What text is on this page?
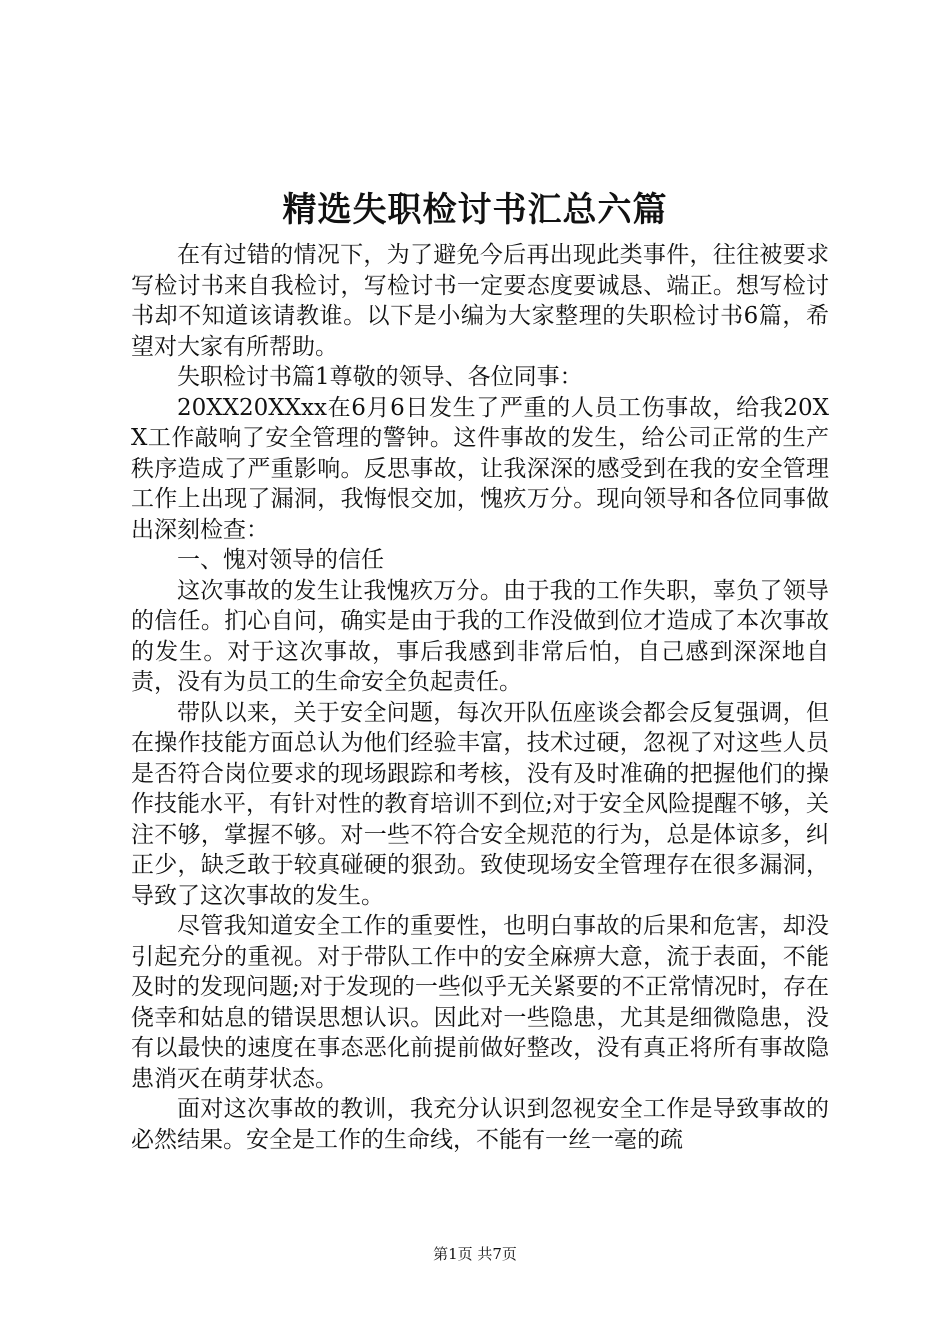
精选失职检讨书汇总六篇

在有过错的情况下，为了避免今后再出现此类事件，往往被要求写检讨书来自我检讨，写检讨书一定要态度要诚恳、端正。想写检讨书却不知道该请教谁。以下是小编为大家整理的失职检讨书6篇，希望对大家有所帮助。

失职检讨书篇1尊敬的领导、各位同事：

20XX20XXxx在6月6日发生了严重的人员工伤事故，给我20XX工作敲响了安全管理的警钟。这件事故的发生，给公司正常的生产秩序造成了严重影响。反思事故，让我深深的感受到在我的安全管理工作上出现了漏洞，我悔恨交加，愧疚万分。现向领导和各位同事做出深刻检查：

一、愧对领导的信任

这次事故的发生让我愧疚万分。由于我的工作失职，辜负了领导的信任。扪心自问，确实是由于我的工作没做到位才造成了本次事故的发生。对于这次事故，事后我感到非常后怕，自己感到深深地自责，没有为员工的生命安全负起责任。

带队以来，关于安全问题，每次开队伍座谈会都会反复强调，但在操作技能方面总认为他们经验丰富，技术过硬，忽视了对这些人员是否符合岗位要求的现场跟踪和考核，没有及时准确的把握他们的操作技能水平，有针对性的教育培训不到位;对于安全风险提醒不够，关注不够，掌握不够。对一些不符合安全规范的行为，总是体谅多，纠正少，缺乏敢于较真碰硬的狠劲。致使现场安全管理存在很多漏洞，导致了这次事故的发生。

尽管我知道安全工作的重要性，也明白事故的后果和危害，却没引起充分的重视。对于带队工作中的安全麻痹大意，流于表面，不能及时的发现问题;对于发现的一些似乎无关紧要的不正常情况时，存在侥幸和姑息的错误思想认识。因此对一些隐患，尤其是细微隐患，没有以最快的速度在事态恶化前提前做好整改，没有真正将所有事故隐患消灭在萌芽状态。

面对这次事故的教训，我充分认识到忽视安全工作是导致事故的必然结果。安全是工作的生命线，不能有一丝一毫的疏

第1页 共7页
